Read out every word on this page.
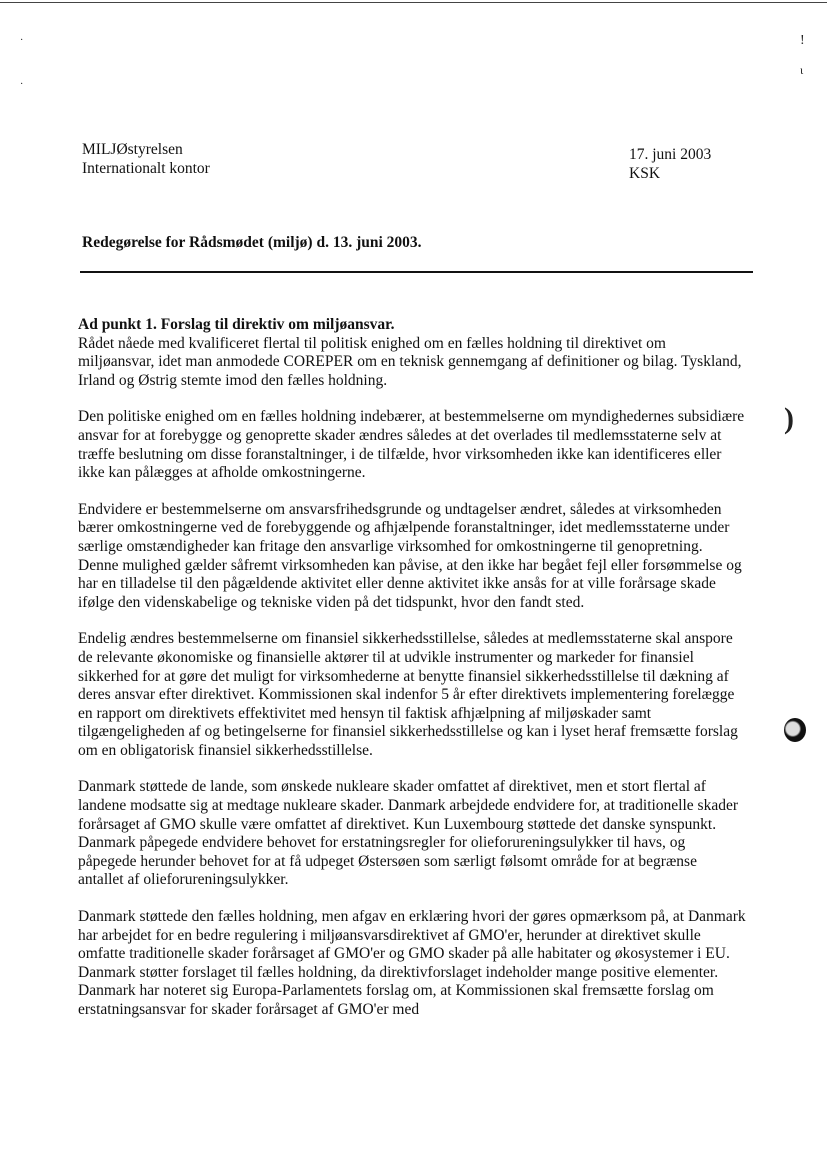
·
·
ǃ
ι
)
MILJØstyrelsen
Internationalt kontor
17. juni 2003
KSK
Redegørelse for Rådsmødet (miljø) d. 13. juni 2003.
Ad punkt 1. Forslag til direktiv om miljøansvar.
Rådet nåede med kvalificeret flertal til politisk enighed om en fælles holdning til direktivet om miljøansvar, idet man anmodede COREPER om en teknisk gennemgang af definitioner og bilag. Tyskland, Irland og Østrig stemte imod den fælles holdning.
Den politiske enighed om en fælles holdning indebærer, at bestemmelserne om myndighedernes subsidiære ansvar for at forebygge og genoprette skader ændres således at det overlades til medlemsstaterne selv at træffe beslutning om disse foranstaltninger, i de tilfælde, hvor virksomheden ikke kan identificeres eller ikke kan pålægges at afholde omkostningerne.
Endvidere er bestemmelserne om ansvarsfrihedsgrunde og undtagelser ændret, således at virksomheden bærer omkostningerne ved de forebyggende og afhjælpende foranstaltninger, idet medlemsstaterne under særlige omstændigheder kan fritage den ansvarlige virksomhed for omkostningerne til genopretning. Denne mulighed gælder såfremt virksomheden kan påvise, at den ikke har begået fejl eller forsømmelse og har en tilladelse til den pågældende aktivitet eller denne aktivitet ikke ansås for at ville forårsage skade ifølge den videnskabelige og tekniske viden på det tidspunkt, hvor den fandt sted.
Endelig ændres bestemmelserne om finansiel sikkerhedsstillelse, således at medlemsstaterne skal anspore de relevante økonomiske og finansielle aktører til at udvikle instrumenter og markeder for finansiel sikkerhed for at gøre det muligt for virksomhederne at benytte finansiel sikkerhedsstillelse til dækning af deres ansvar efter direktivet. Kommissionen skal indenfor 5 år efter direktivets implementering forelægge en rapport om direktivets effektivitet med hensyn til faktisk afhjælpning af miljøskader samt tilgængeligheden af og betingelserne for finansiel sikkerhedsstillelse og kan i lyset heraf fremsætte forslag om en obligatorisk finansiel sikkerhedsstillelse.
Danmark støttede de lande, som ønskede nukleare skader omfattet af direktivet, men et stort flertal af landene modsatte sig at medtage nukleare skader. Danmark arbejdede endvidere for, at traditionelle skader forårsaget af GMO skulle være omfattet af direktivet. Kun Luxembourg støttede det danske synspunkt. Danmark påpegede endvidere behovet for erstatningsregler for olieforureningsulykker til havs, og påpegede herunder behovet for at få udpeget Østersøen som særligt følsomt område for at begrænse antallet af olieforureningsulykker.
Danmark støttede den fælles holdning, men afgav en erklæring hvori der gøres opmærksom på, at Danmark har arbejdet for en bedre regulering i miljøansvarsdirektivet af GMO'er, herunder at direktivet skulle omfatte traditionelle skader forårsaget af GMO'er og GMO skader på alle habitater og økosystemer i EU. Danmark støtter forslaget til fælles holdning, da direktivforslaget indeholder mange positive elementer. Danmark har noteret sig Europa-Parlamentets forslag om, at Kommissionen skal fremsætte forslag om erstatningsansvar for skader forårsaget af GMO'er med
